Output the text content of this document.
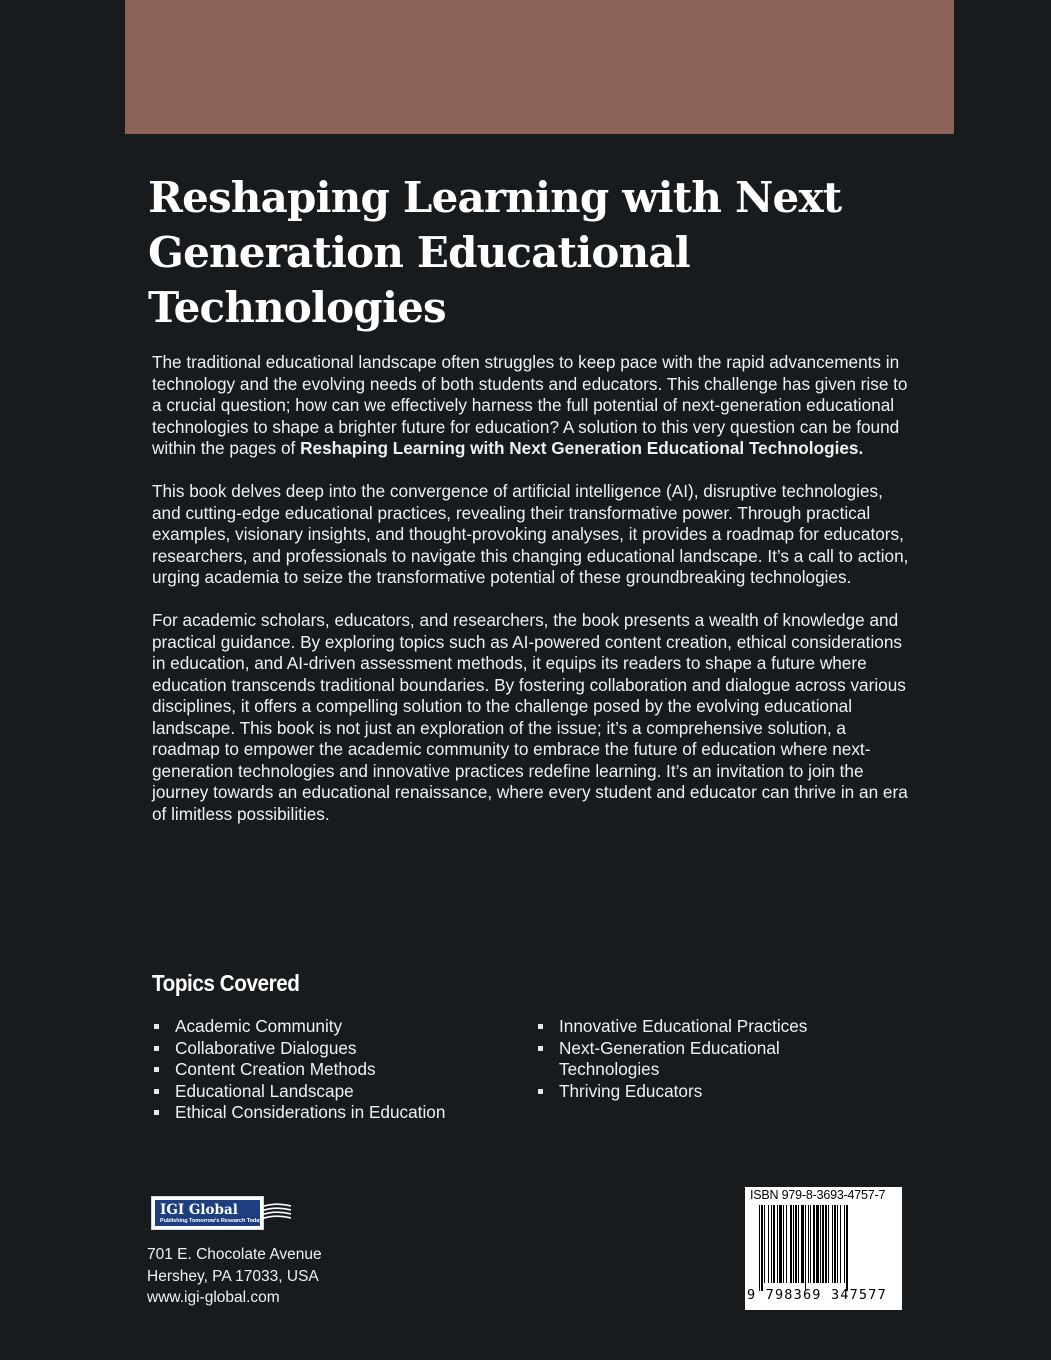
Reshaping Learning with Next Generation Educational Technologies

The traditional educational landscape often struggles to keep pace with the rapid advancements in technology and the evolving needs of both students and educators. This challenge has given rise to a crucial question; how can we effectively harness the full potential of next-generation educational technologies to shape a brighter future for education? A solution to this very question can be found within the pages of Reshaping Learning with Next Generation Educational Technologies.

This book delves deep into the convergence of artificial intelligence (AI), disruptive technologies, and cutting-edge educational practices, revealing their transformative power. Through practical examples, visionary insights, and thought-provoking analyses, it provides a roadmap for educators, researchers, and professionals to navigate this changing educational landscape. It’s a call to action, urging academia to seize the transformative potential of these groundbreaking technologies.

For academic scholars, educators, and researchers, the book presents a wealth of knowledge and practical guidance. By exploring topics such as AI-powered content creation, ethical considerations in education, and AI-driven assessment methods, it equips its readers to shape a future where education transcends traditional boundaries. By fostering collaboration and dialogue across various disciplines, it offers a compelling solution to the challenge posed by the evolving educational landscape. This book is not just an exploration of the issue; it’s a comprehensive solution, a roadmap to empower the academic community to embrace the future of education where next-generation technologies and innovative practices redefine learning. It’s an invitation to join the journey towards an educational renaissance, where every student and educator can thrive in an era of limitless possibilities.

Topics Covered
Academic Community
Collaborative Dialogues
Content Creation Methods
Educational Landscape
Ethical Considerations in Education
Innovative Educational Practices
Next-Generation Educational Technologies
Thriving Educators
IGI Global
Publishing Tomorrow's Research Today
701 E. Chocolate Avenue
Hershey, PA 17033, USA
www.igi-global.com
ISBN 979-8-3693-4757-7
9 798369 347577
